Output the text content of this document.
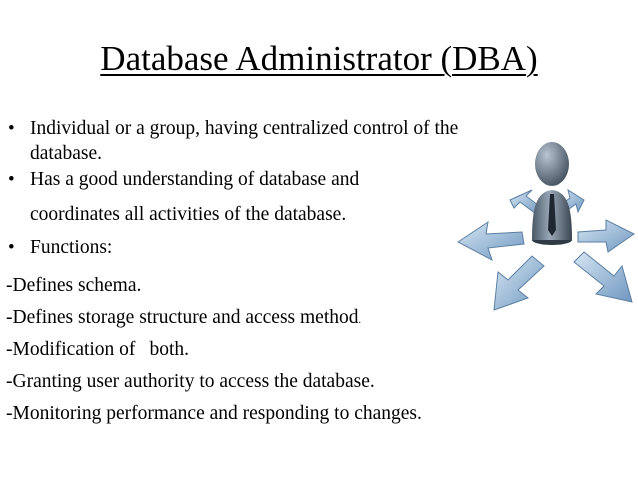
Database Administrator (DBA)
• Individual or a group, having centralized control of the
database.
• Has a good understanding of database and
coordinates all activities of the database.
• Functions:
-Defines schema.
-Defines storage structure and access method.
-Modification of both.
-Granting user authority to access the database.
-Monitoring performance and responding to changes.
